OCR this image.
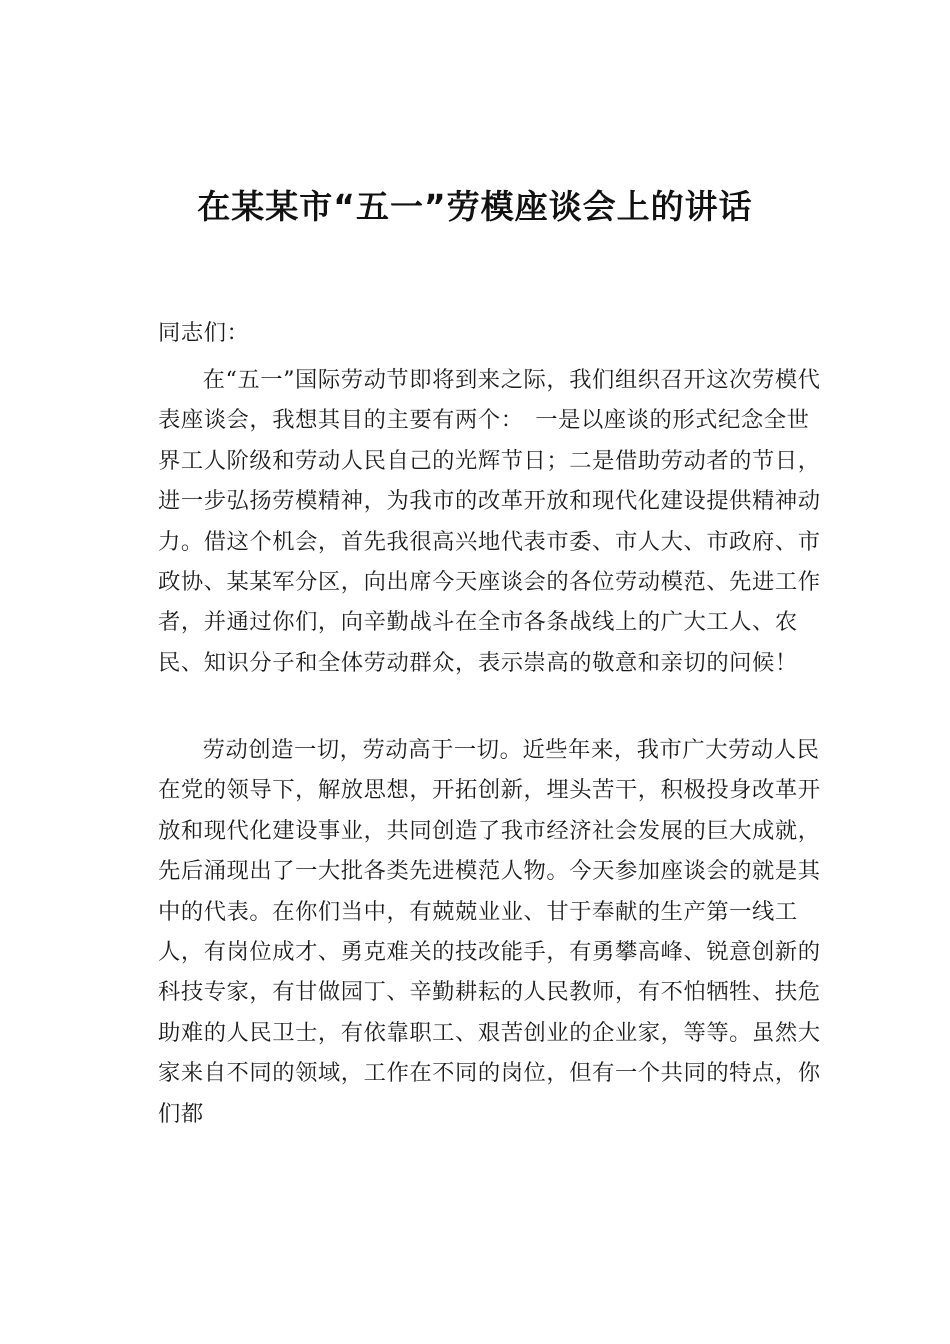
在某某市“五一”劳模座谈会上的讲话
同志们：

在“五一”国际劳动节即将到来之际，我们组织召开这次劳模代表座谈会，我想其目的主要有两个：　一是以座谈的形式纪念全世界工人阶级和劳动人民自己的光辉节日；二是借助劳动者的节日，进一步弘扬劳模精神，为我市的改革开放和现代化建设提供精神动力。借这个机会，首先我很高兴地代表市委、市人大、市政府、市政协、某某军分区，向出席今天座谈会的各位劳动模范、先进工作者，并通过你们，向辛勤战斗在全市各条战线上的广大工人、农民、知识分子和全体劳动群众，表示崇高的敬意和亲切的问候！

劳动创造一切，劳动高于一切。近些年来，我市广大劳动人民在党的领导下，解放思想，开拓创新，埋头苦干，积极投身改革开放和现代化建设事业，共同创造了我市经济社会发展的巨大成就，先后涌现出了一大批各类先进模范人物。今天参加座谈会的就是其中的代表。在你们当中，有兢兢业业、甘于奉献的生产第一线工人，有岗位成才、勇克难关的技改能手，有勇攀高峰、锐意创新的科技专家，有甘做园丁、辛勤耕耘的人民教师，有不怕牺牲、扶危助难的人民卫士，有依靠职工、艰苦创业的企业家，等等。虽然大家来自不同的领域，工作在不同的岗位，但有一个共同的特点，你们都
